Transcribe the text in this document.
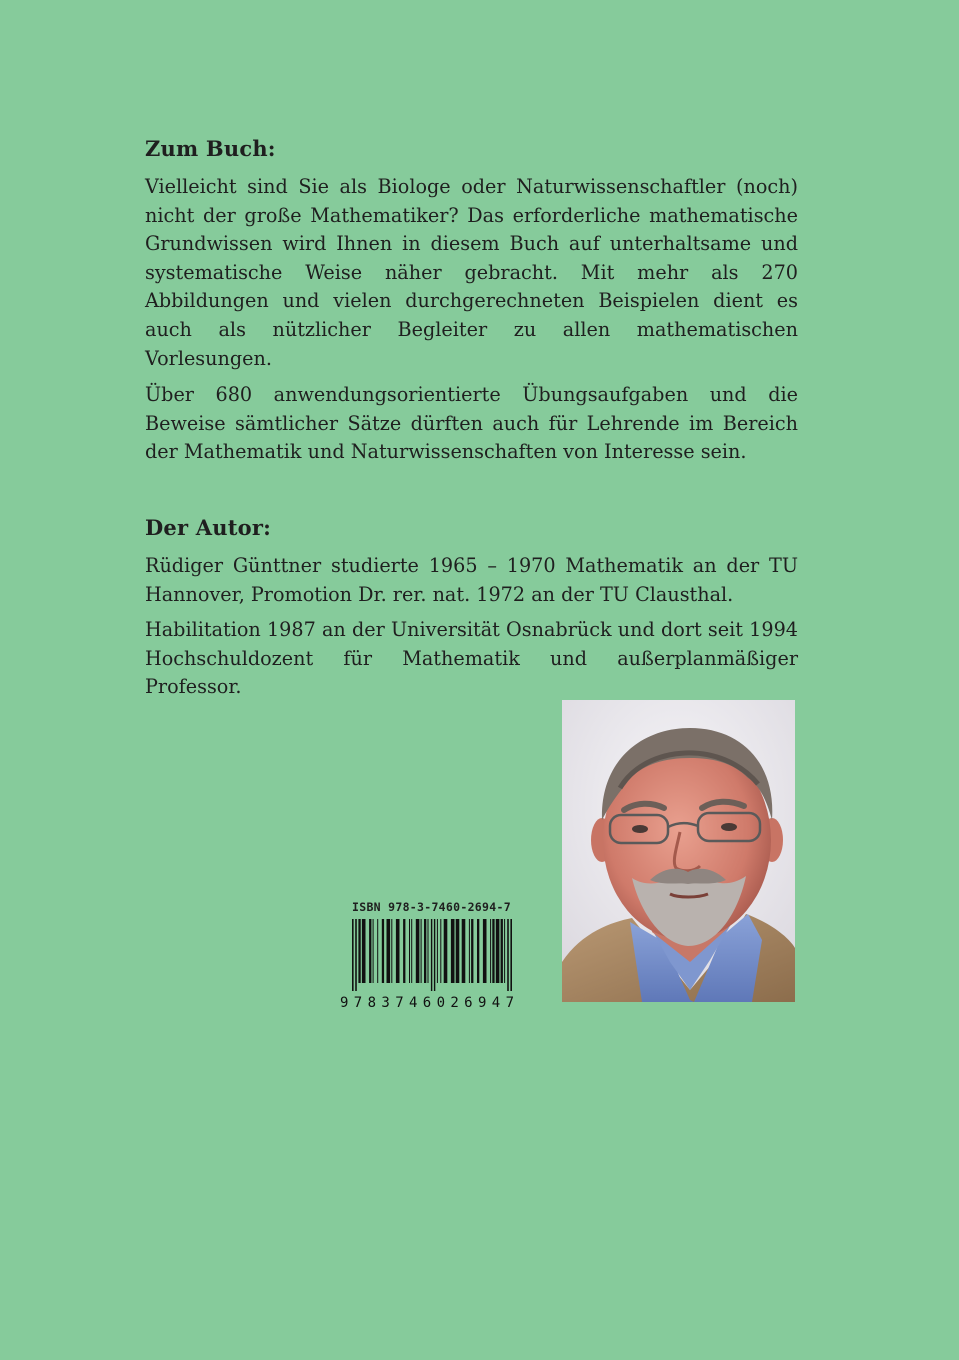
Zum Buch:

Vielleicht sind Sie als Biologe oder Naturwissenschaftler (noch) nicht der große Mathematiker? Das erforderliche mathematische Grundwissen wird Ihnen in diesem Buch auf unterhaltsame und systematische Weise näher gebracht. Mit mehr als 270 Abbildungen und vielen durchgerechneten Beispielen dient es auch als nützlicher Begleiter zu allen mathematischen Vorlesungen.

Über 680 anwendungsorientierte Übungsaufgaben und die Beweise sämtlicher Sätze dürften auch für Lehrende im Bereich der Mathematik und Naturwissenschaften von Interesse sein.

Der Autor:

Rüdiger Günttner studierte 1965 – 1970 Mathematik an der TU Hannover, Promotion Dr. rer. nat. 1972 an der TU Clausthal.

Habilitation 1987 an der Universität Osnabrück und dort seit 1994 Hochschuldozent für Mathematik und außerplanmäßiger Professor.

ISBN 978-3-7460-2694-7
9783746026947
